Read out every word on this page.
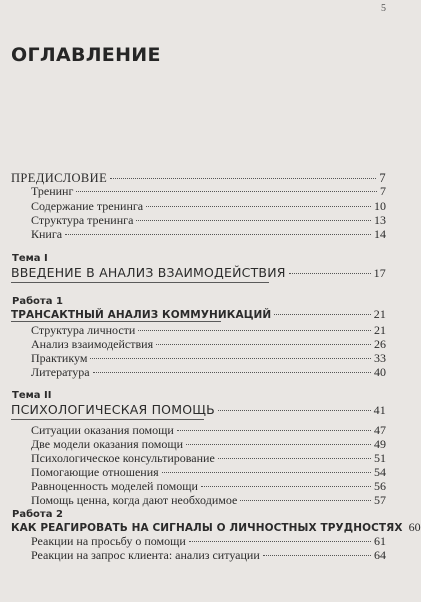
5
ОГЛАВЛЕНИЕ
ПРЕДИСЛОВИЕ	7
Тренинг	7
Содержание тренинга	10
Структура тренинга	13
Книга	14
Тема I
ВВЕДЕНИЕ В АНАЛИЗ ВЗАИМОДЕЙСТВИЯ	17
Работа 1
ТРАНСАКТНЫЙ АНАЛИЗ КОММУНИКАЦИЙ	21
Структура личности	21
Анализ взаимодействия	26
Практикум	33
Литература	40
Тема II
ПСИХОЛОГИЧЕСКАЯ ПОМОЩЬ	41
Ситуации оказания помощи	47
Две модели оказания помощи	49
Психологическое консультирование	51
Помогающие отношения	54
Равноценность моделей помощи	56
Помощь ценна, когда дают необходимое	57
Работа 2
КАК РЕАГИРОВАТЬ НА СИГНАЛЫ О ЛИЧНОСТНЫХ ТРУДНОСТЯХ 60
Реакции на просьбу о помощи	61
Реакции на запрос клиента: анализ ситуации	64
